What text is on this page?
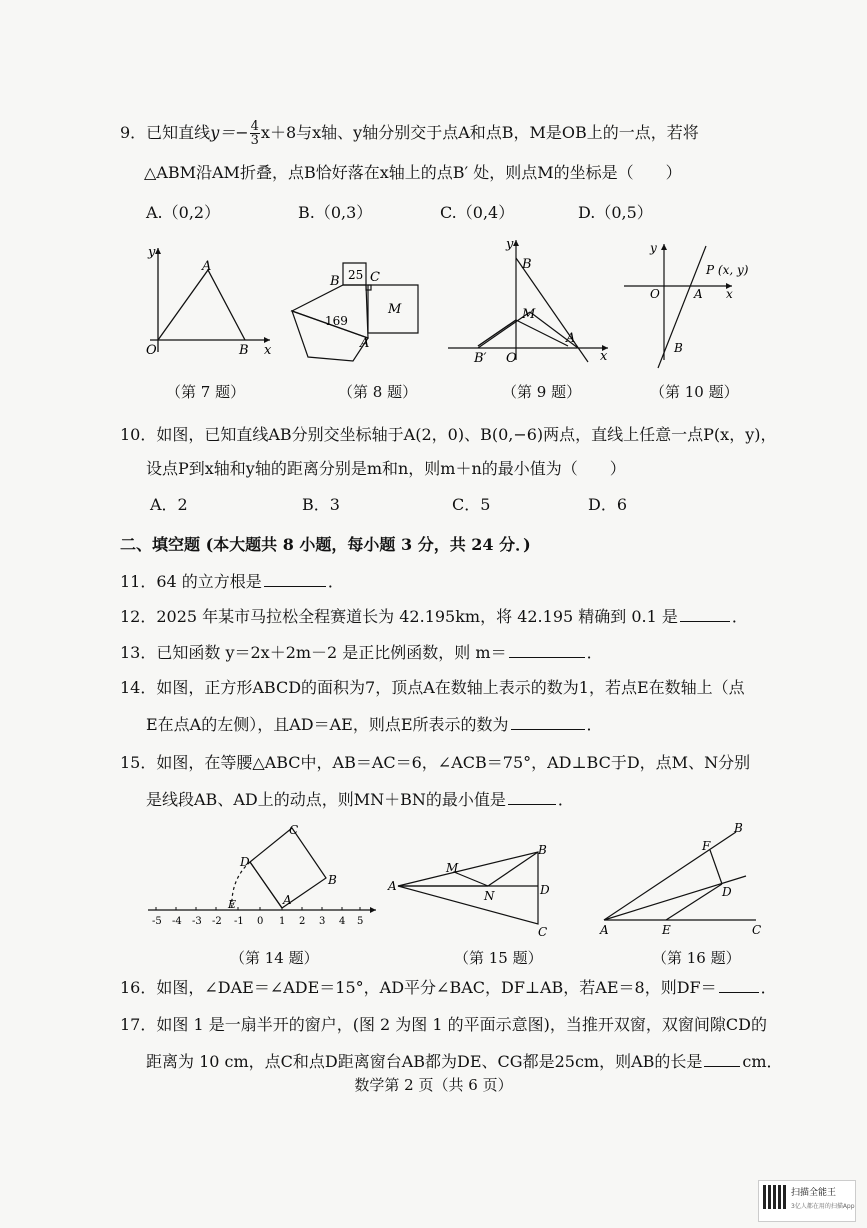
9．已知直线$y=- \frac{4}{3} x+8$与x轴、y轴分别交于点A和点B，M是OB上的一点，若将
△ABM沿AM折叠，点B恰好落在x轴上的点B′ 处，则点M的坐标是（　　）
A.（0,2）	B.（0,3）	C.（0,4）	D.（0,5）
y
x
O
A
B
25
169
M
B C
A
y
x
B
M
A
B′ O
y
x
O
P (x, y)
A
B
（第 7 题）	（第 8 题）	（第 9 题）	（第 10 题）
10．如图，已知直线AB分别交坐标轴于A(2，0)、B(0,−6)两点，直线上任意一点P(x，y)，
设点P到x轴和y轴的距离分别是m和n，则m＋n的最小值为（　　）
A．2	B．3	C．5	D．6
二、填空题 (本大题共 8 小题，每小题 3 分，共 24 分．)
11．64 的立方根是	．
12．2025 年某市马拉松全程赛道长为 42.195km，将 42.195 精确到 0.1 是	．
13．已知函数 y＝2x＋2m－2 是正比例函数，则 m＝	．
14．如图，正方形ABCD的面积为7，顶点A在数轴上表示的数为1，若点E在数轴上（点
E在点A的左侧），且AD＝AE，则点E所表示的数为	．
15．如图，在等腰△ABC中，AB＝AC＝6，∠ACB＝75°，AD⊥BC于D，点M、N分别
是线段AB、AD上的动点，则MN＋BN的最小值是	．
-5 -4 -3 -2 -1 0 1 2 3 4 5
C
D
B
E	A
A
M
B
D
N
C
B
F
D
A	E	C
（第 14 题）	（第 15 题）	（第 16 题）
16．如图，∠DAE＝∠ADE＝15°，AD平分∠BAC，DF⊥AB，若AE＝8，则DF＝	．
17．如图 1 是一扇半开的窗户，(图 2 为图 1 的平面示意图)，当推开双窗，双窗间隙CD的
距离为 10 cm，点C和点D距离窗台AB都为DE、CG都是25cm，则AB的长是	cm．
数学第 2 页（共 6 页）
扫描全能王
3亿人都在用的扫描App
